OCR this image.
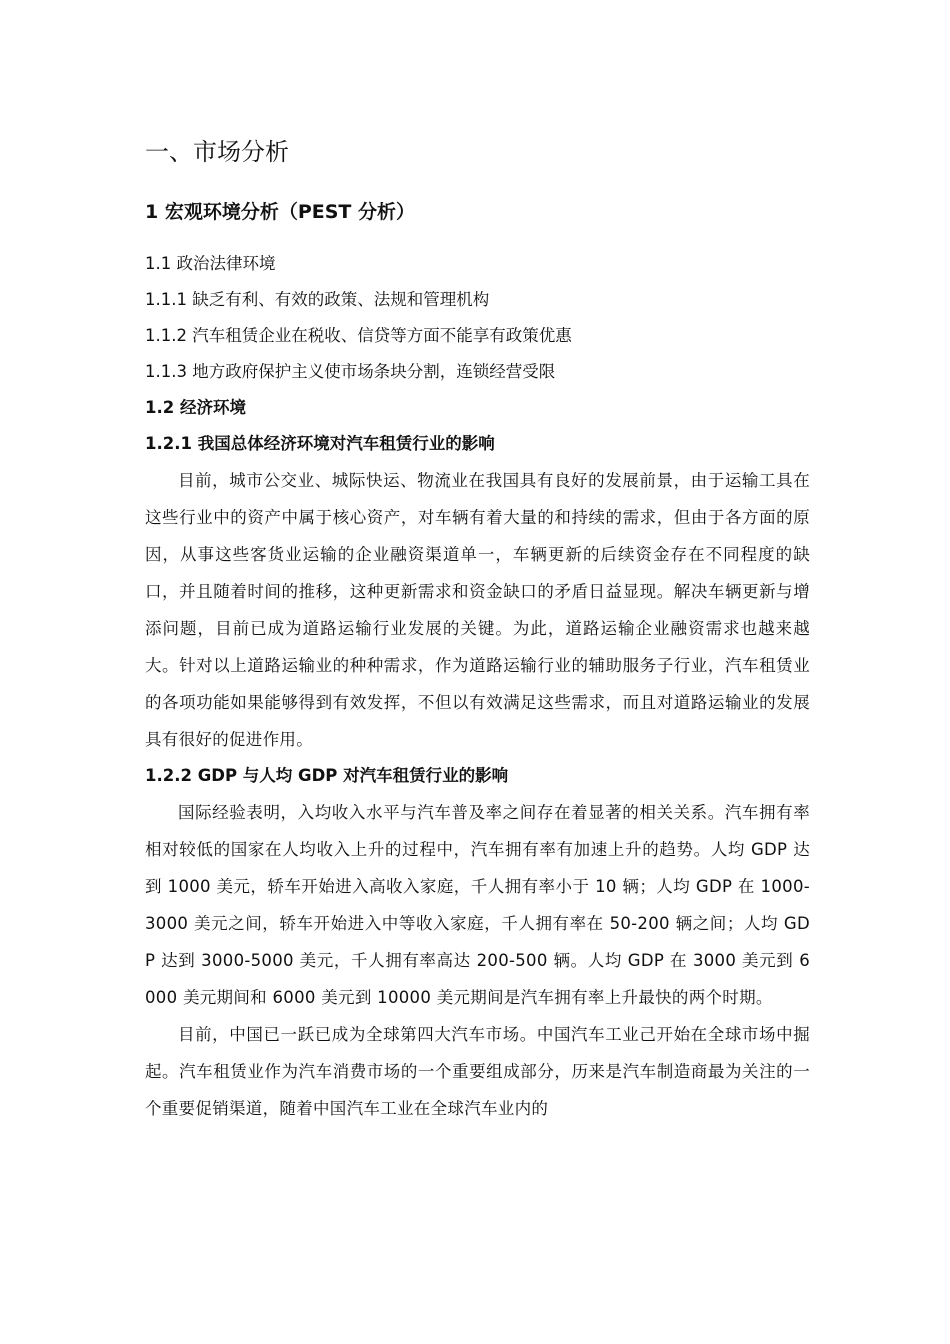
一、市场分析
1 宏观环境分析（PEST 分析）
1.1 政治法律环境
1.1.1 缺乏有利、有效的政策、法规和管理机构
1.1.2 汽车租赁企业在税收、信贷等方面不能享有政策优惠
1.1.3 地方政府保护主义使市场条块分割，连锁经营受限
1.2 经济环境
1.2.1 我国总体经济环境对汽车租赁行业的影响

目前，城市公交业、城际快运、物流业在我国具有良好的发展前景，由于运输工具在这些行业中的资产中属于核心资产，对车辆有着大量的和持续的需求，但由于各方面的原因，从事这些客货业运输的企业融资渠道单一，车辆更新的后续资金存在不同程度的缺口，并且随着时间的推移，这种更新需求和资金缺口的矛盾日益显现。解决车辆更新与增添问题，目前已成为道路运输行业发展的关键。为此，道路运输企业融资需求也越来越大。针对以上道路运输业的种种需求，作为道路运输行业的辅助服务子行业，汽车租赁业的各项功能如果能够得到有效发挥，不但以有效满足这些需求，而且对道路运输业的发展具有很好的促进作用。

1.2.2 GDP 与人均 GDP 对汽车租赁行业的影响

国际经验表明，入均收入水平与汽车普及率之间存在着显著的相关关系。汽车拥有率相对较低的国家在人均收入上升的过程中，汽车拥有率有加速上升的趋势。人均 GDP 达到 1000 美元，轿车开始进入高收入家庭，千人拥有率小于 10 辆；人均 GDP 在 1000-3000 美元之间，轿车开始进入中等收入家庭，千人拥有率在 50-200 辆之间；人均 GDP 达到 3000-5000 美元，千人拥有率高达 200-500 辆。人均 GDP 在 3000 美元到 6000 美元期间和 6000 美元到 10000 美元期间是汽车拥有率上升最快的两个时期。

目前，中国已一跃已成为全球第四大汽车市场。中国汽车工业己开始在全球市场中掘起。汽车租赁业作为汽车消费市场的一个重要组成部分，历来是汽车制造商最为关注的一个重要促销渠道，随着中国汽车工业在全球汽车业内的
